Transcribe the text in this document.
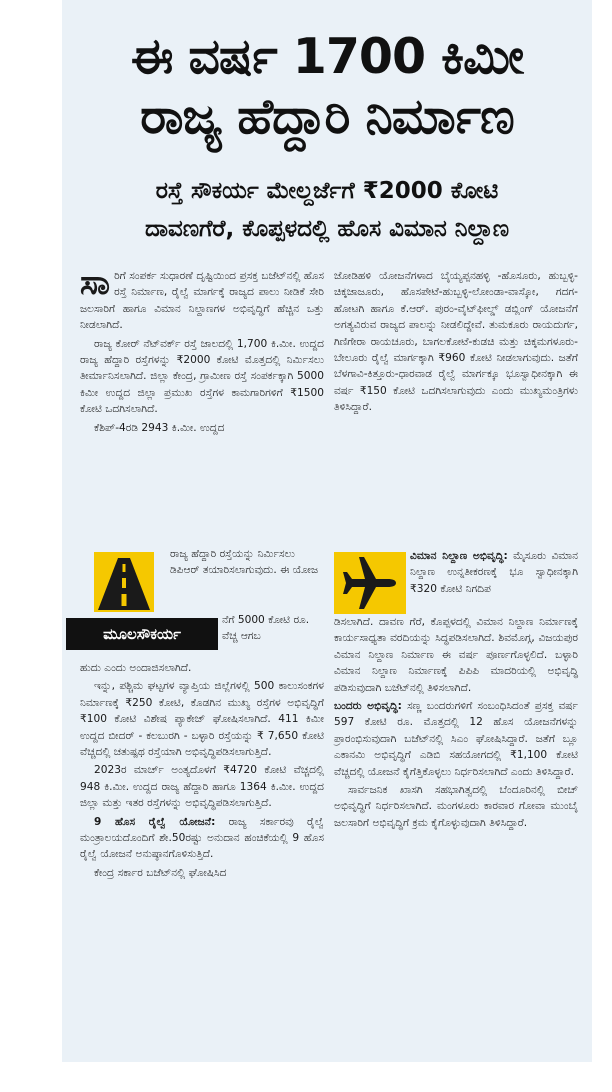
ಈ ವರ್ಷ 1700 ಕಿಮೀ
ರಾಜ್ಯ ಹೆದ್ದಾರಿ ನಿರ್ಮಾಣ
ರಸ್ತೆ ಸೌಕರ್ಯ ಮೇಲ್ದರ್ಜೆಗೆ ₹2000 ಕೋಟಿ
ದಾವಣಗೆರೆ, ಕೊಪ್ಪಳದಲ್ಲಿ ಹೊಸ ವಿಮಾನ ನಿಲ್ದಾಣ

ಸಾ ರಿಗೆ ಸಂಪರ್ಕ ಸುಧಾರಣೆ ದೃಷ್ಟಿಯಿಂದ ಪ್ರಸಕ್ತ ಬಜೆಟ್‌ನಲ್ಲಿ ಹೊಸ ರಸ್ತೆ ನಿರ್ಮಾಣ, ರೈಲ್ವೆ ಮಾರ್ಗಕ್ಕೆ ರಾಜ್ಯದ ಪಾಲು ನೀಡಿಕೆ ಸೇರಿ ಜಲಸಾರಿಗೆ ಹಾಗೂ ವಿಮಾನ ನಿಲ್ದಾಣಗಳ ಅಭಿವೃದ್ಧಿಗೆ ಹೆಚ್ಚಿನ ಒತ್ತು ನೀಡಲಾಗಿದೆ.

ರಾಜ್ಯ ಕೋರ್ ನೆಟ್‌ವರ್ಕ್ ರಸ್ತೆ ಜಾಲದಲ್ಲಿ 1,700 ಕಿ.ಮೀ. ಉದ್ದದ ರಾಜ್ಯ ಹೆದ್ದಾರಿ ರಸ್ತೆಗಳನ್ನು ₹2000 ಕೋಟಿ ಮೊತ್ತದಲ್ಲಿ ನಿರ್ಮಿಸಲು ತೀರ್ಮಾನಿಸಲಾಗಿದೆ. ಜಿಲ್ಲಾ ಕೇಂದ್ರ, ಗ್ರಾಮೀಣ ರಸ್ತೆ ಸಂಪರ್ಕಕ್ಕಾಗಿ 5000 ಕಿಮೀ ಉದ್ದದ ಜಿಲ್ಲಾ ಪ್ರಮುಖ ರಸ್ತೆಗಳ ಕಾಮಗಾರಿಗಳಿಗೆ ₹1500 ಕೋಟಿ ಒದಗಿಸಲಾಗಿದೆ.

ಕೆಶಿಪ್-4ರಡಿ 2943 ಕಿ.ಮೀ. ಉದ್ದದ

ರಾಜ್ಯ ಹೆದ್ದಾರಿ ರಸ್ತೆಯನ್ನು ನಿರ್ಮಿಸಲು ಡಿಪಿಆರ್ ತಯಾರಿಸಲಾಗುವುದು. ಈ ಯೋಜ
ಮೂಲಸೌಕರ್ಯ
ನೆಗೆ 5000 ಕೋಟಿ ರೂ. ವೆಚ್ಚ ಆಗಬ

ಹುದು ಎಂದು ಅಂದಾಜಿಸಲಾಗಿದೆ.

ಇನ್ನು, ಪಶ್ಚಿಮ ಘಟ್ಟಗಳ ವ್ಯಾಪ್ತಿಯ ಜಿಲ್ಲೆಗಳಲ್ಲಿ 500 ಕಾಲುಸಂಕಗಳ ನಿರ್ಮಾಣಕ್ಕೆ ₹250 ಕೋಟಿ, ಕೊಡಗಿನ ಮುಖ್ಯ ರಸ್ತೆಗಳ ಅಭಿವೃದ್ಧಿಗೆ ₹100 ಕೋಟಿ ವಿಶೇಷ ಪ್ಯಾಕೇಜ್ ಘೋಷಿಸಲಾಗಿದೆ. 411 ಕಿಮೀ ಉದ್ದದ ಬೀದರ್ - ಕಲಬುರಗಿ - ಬಳ್ಳಾರಿ ರಸ್ತೆಯನ್ನು ₹ 7,650 ಕೋಟಿ ವೆಚ್ಚದಲ್ಲಿ ಚತುಷ್ಪಥ ರಸ್ತೆಯಾಗಿ ಅಭಿವೃದ್ಧಿಪಡಿಸಲಾಗುತ್ತಿದೆ.

2023ರ ಮಾರ್ಚ್ ಅಂತ್ಯದೊಳಗೆ ₹4720 ಕೋಟಿ ವೆಚ್ಚದಲ್ಲಿ 948 ಕಿ.ಮೀ. ಉದ್ದದ ರಾಜ್ಯ ಹೆದ್ದಾರಿ ಹಾಗೂ 1364 ಕಿ.ಮೀ. ಉದ್ದದ ಜಿಲ್ಲಾ ಮತ್ತು ಇತರ ರಸ್ತೆಗಳನ್ನು ಅಭಿವೃದ್ಧಿಪಡಿಸಲಾಗುತ್ತಿದೆ.

9 ಹೊಸ ರೈಲ್ವೆ ಯೋಜನೆ: ರಾಜ್ಯ ಸರ್ಕಾರವು ರೈಲ್ವೆ ಮಂತ್ರಾಲಯದೊಂದಿಗೆ ಶೇ.50ರಷ್ಟು ಅನುದಾನ ಹಂಚಿಕೆಯಲ್ಲಿ 9 ಹೊಸ ರೈಲ್ವೆ ಯೋಜನೆ ಅನುಷ್ಠಾನಗೊಳಿಸುತ್ತಿದೆ.

ಕೇಂದ್ರ ಸರ್ಕಾರ ಬಜೆಟ್‌ನಲ್ಲಿ ಘೋಷಿಸಿದ

ಜೋಡಿಹಳಿ ಯೋಜನೆಗಳಾದ ಬೈಯ್ಯಪ್ಪನಹಳ್ಳಿ -ಹೊಸೂರು, ಹುಬ್ಬಳ್ಳಿ-ಚಿಕ್ಕಜಾಜೂರು, ಹೊಸಪೇಟೆ-ಹುಬ್ಬಳ್ಳಿ-ಲೋಂಡಾ-ವಾಸ್ಕೋ, ಗದಗ-ಹೋಟಗಿ ಹಾಗೂ ಕೆ.ಆರ್. ಪುರಂ-ವೈಟ್‌ಫೀಲ್ಡ್ ಡಬ್ಲಿಂಗ್ ಯೋಜನೆಗೆ ಅಗತ್ಯವಿರುವ ರಾಜ್ಯದ ಪಾಲನ್ನು ನೀಡಲಿದ್ದೇವೆ. ತುಮಕೂರು ರಾಯದುರ್ಗ, ಗಿಣಿಗೇರಾ ರಾಯಚೂರು, ಬಾಗಲಕೋಟೆ-ಕುಡಚಿ ಮತ್ತು ಚಿಕ್ಕಮಗಳೂರು-ಬೇಲೂರು ರೈಲ್ವೆ ಮಾರ್ಗಕ್ಕಾಗಿ ₹960 ಕೋಟಿ ನೀಡಲಾಗುವುದು. ಜತೆಗೆ ಬೆಳಗಾವಿ-ಕಿತ್ತೂರು-ಧಾರವಾಡ ರೈಲ್ವೆ ಮಾರ್ಗಕ್ಕೂ ಭೂಸ್ವಾಧೀನಕ್ಕಾಗಿ ಈ ವರ್ಷ ₹150 ಕೋಟಿ ಒದಗಿಸಲಾಗುವುದು ಎಂದು ಮುಖ್ಯಮಂತ್ರಿಗಳು ತಿಳಿಸಿದ್ದಾರೆ.

ವಿಮಾನ ನಿಲ್ದಾಣ ಅಭಿವೃದ್ಧಿ: ಮೈಸೂರು ವಿಮಾನ ನಿಲ್ದಾಣ ಉನ್ನತೀಕರಣಕ್ಕೆ ಭೂ ಸ್ವಾಧೀನಕ್ಕಾಗಿ ₹320 ಕೋಟಿ ನಿಗದಿಪ

ಡಿಸಲಾಗಿದೆ. ದಾವಣ ಗೆರೆ, ಕೊಪ್ಪಳದಲ್ಲಿ ವಿಮಾನ ನಿಲ್ದಾಣ ನಿರ್ಮಾಣಕ್ಕೆ ಕಾರ್ಯಸಾಧ್ಯತಾ ವರದಿಯನ್ನು ಸಿದ್ಧಪಡಿಸಲಾಗಿದೆ. ಶಿವಮೊಗ್ಗ, ವಿಜಯಪುರ ವಿಮಾನ ನಿಲ್ದಾಣ ನಿರ್ಮಾಣ ಈ ವರ್ಷ ಪೂರ್ಣಗೊಳ್ಳಲಿದೆ. ಬಳ್ಳಾರಿ ವಿಮಾನ ನಿಲ್ದಾಣ ನಿರ್ಮಾಣಕ್ಕೆ ಪಿಪಿಪಿ ಮಾದರಿಯಲ್ಲಿ ಅಭಿವೃದ್ಧಿ ಪಡಿಸುವುದಾಗಿ ಬಜೆಟ್‌ನಲ್ಲಿ ತಿಳಿಸಲಾಗಿದೆ.

ಬಂದರು ಅಭಿವೃದ್ಧಿ: ಸಣ್ಣ ಬಂದರುಗಳಿಗೆ ಸಂಬಂಧಿಸಿದಂತೆ ಪ್ರಸಕ್ತ ವರ್ಷ 597 ಕೋಟಿ ರೂ. ಮೊತ್ತದಲ್ಲಿ 12 ಹೊಸ ಯೋಜನೆಗಳನ್ನು ಪ್ರಾರಂಭಿಸುವುದಾಗಿ ಬಜೆಟ್‌ನಲ್ಲಿ ಸಿಎಂ ಘೋಷಿಸಿದ್ದಾರೆ. ಜತೆಗೆ ಬ್ಲೂ ಎಕಾನಮಿ ಅಭಿವೃದ್ಧಿಗೆ ಎಡಿಬಿ ಸಹಯೋಗದಲ್ಲಿ ₹1,100 ಕೋಟಿ ವೆಚ್ಚದಲ್ಲಿ ಯೋಜನೆ ಕೈಗೆತ್ತಿಕೊಳ್ಳಲು ನಿರ್ಧರಿಸಲಾಗಿದೆ ಎಂದು ತಿಳಿಸಿದ್ದಾರೆ.

ಸಾರ್ವಜನಿಕ ಖಾಸಗಿ ಸಹಭಾಗಿತ್ವದಲ್ಲಿ ಬೆಂದೂರಿನಲ್ಲಿ ಬೀಚ್ ಅಭಿವೃದ್ಧಿಗೆ ನಿರ್ಧರಿಸಲಾಗಿದೆ. ಮಂಗಳೂರು ಕಾರವಾರ ಗೋವಾ ಮುಂಬೈ ಜಲಸಾರಿಗೆ ಅಭಿವೃದ್ಧಿಗೆ ಕ್ರಮ ಕೈಗೊಳ್ಳುವುದಾಗಿ ತಿಳಿಸಿದ್ದಾರೆ.
